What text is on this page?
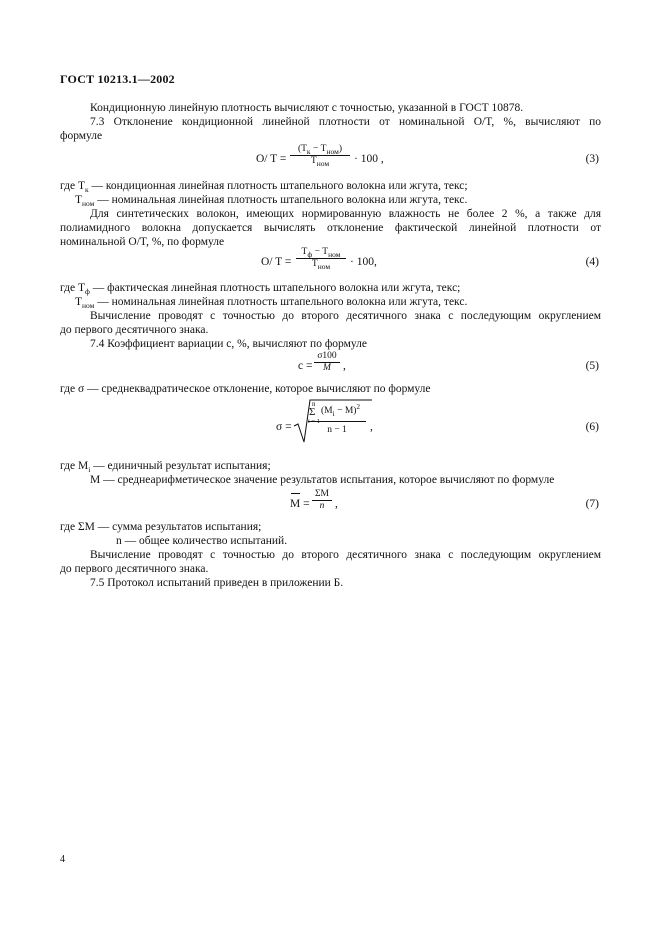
ГОСТ 10213.1—2002
Кондиционную линейную плотность вычисляют с точностью, указанной в ГОСТ 10878.
7.3 Отклонение кондиционной линейной плотности от номинальной O/T, %, вычисляют по
формуле
O/ T =
$(T_к - T_{ном})$
$T_{ном}$	· 100 ,	(3)
где $T_к$ — кондиционная линейная плотность штапельного волокна или жгута, текс;
$T_{ном}$ — номинальная линейная плотность штапельного волокна или жгута, текс.
Для синтетических волокон, имеющих нормированную влажность не более 2 %, а также для
полиамидного волокна допускается вычислять отклонение фактической линейной плотности от
номинальной O/T, %, по формуле
O/ T =
$T_ф - T_{ном}$
$T_{ном}$	· 100,	(4)
где $T_ф$ — фактическая линейная плотность штапельного волокна или жгута, текс;
$T_{ном}$ — номинальная линейная плотность штапельного волокна или жгута, текс.
Вычисление проводят с точностью до второго десятичного знака с последующим округлением
до первого десятичного знака.
7.4 Коэффициент вариации c, %, вычисляют по формуле
c =
σ100
M	,	(5)
где σ — среднеквадратическое отклонение, которое вычисляют по формуле
σ =
n
Σ
i = 1
$(M_i - M)^2$
n − 1	,	(6)
где $M_i$ — единичный результат испытания;
M — среднеарифметическое значение результатов испытания, которое вычисляют по формуле
M =
ΣM
n ,	(7)
где ΣM — сумма результатов испытания;
n — общее количество испытаний.
Вычисление проводят с точностью до второго десятичного знака с последующим округлением
до первого десятичного знака.
7.5 Протокол испытаний приведен в приложении Б.
4
